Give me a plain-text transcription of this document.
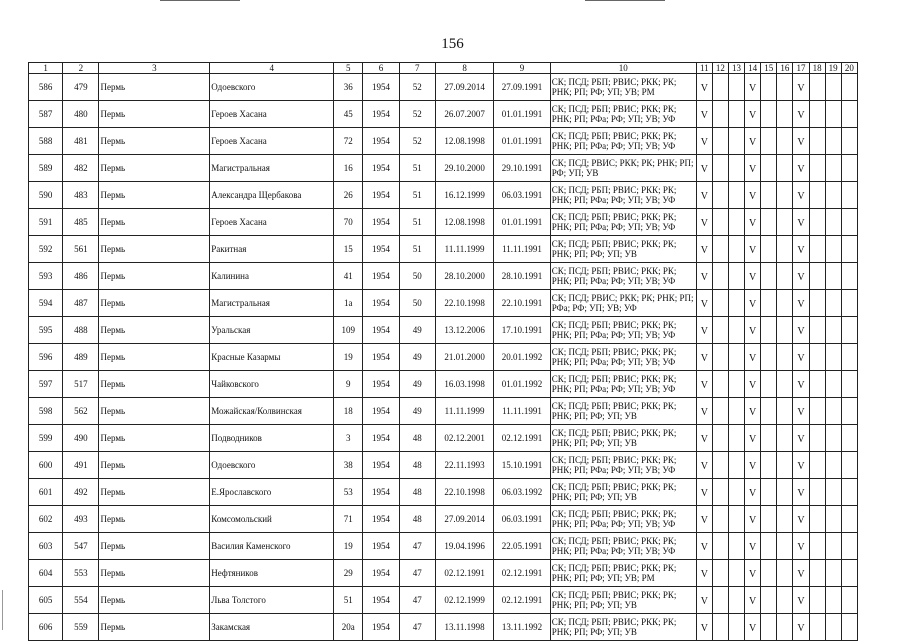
156
1	2	3	4	5	6	7	8	9	10	11	12	13	14	15	16	17	18	19	20
586	479	Пермь	Одоевского	36	1954	52	27.09.2014	27.09.1991	СК; ПСД; РБП; РВИС; РКК; РК; РНК; РП; РФ; УП; УВ; РМ	V			V			V			
587	480	Пермь	Героев Хасана	45	1954	52	26.07.2007	01.01.1991	СК; ПСД; РБП; РВИС; РКК; РК; РНК; РП; РФа; РФ; УП; УВ; УФ	V			V			V			
588	481	Пермь	Героев Хасана	72	1954	52	12.08.1998	01.01.1991	СК; ПСД; РБП; РВИС; РКК; РК; РНК; РП; РФа; РФ; УП; УВ; УФ	V			V			V			
589	482	Пермь	Магистральная	16	1954	51	29.10.2000	29.10.1991	СК; ПСД; РВИС; РКК; РК; РНК; РП; РФ; УП; УВ	V			V			V			
590	483	Пермь	Александра Щербакова	26	1954	51	16.12.1999	06.03.1991	СК; ПСД; РБП; РВИС; РКК; РК; РНК; РП; РФа; РФ; УП; УВ; УФ	V			V			V			
591	485	Пермь	Героев Хасана	70	1954	51	12.08.1998	01.01.1991	СК; ПСД; РБП; РВИС; РКК; РК; РНК; РП; РФа; РФ; УП; УВ; УФ	V			V			V			
592	561	Пермь	Ракитная	15	1954	51	11.11.1999	11.11.1991	СК; ПСД; РБП; РВИС; РКК; РК; РНК; РП; РФ; УП; УВ	V			V			V			
593	486	Пермь	Калинина	41	1954	50	28.10.2000	28.10.1991	СК; ПСД; РБП; РВИС; РКК; РК; РНК; РП; РФа; РФ; УП; УВ; УФ	V			V			V			
594	487	Пермь	Магистральная	1а	1954	50	22.10.1998	22.10.1991	СК; ПСД; РВИС; РКК; РК; РНК; РП; РФа; РФ; УП; УВ; УФ	V			V			V			
595	488	Пермь	Уральская	109	1954	49	13.12.2006	17.10.1991	СК; ПСД; РБП; РВИС; РКК; РК; РНК; РП; РФа; РФ; УП; УВ; УФ	V			V			V			
596	489	Пермь	Красные Казармы	19	1954	49	21.01.2000	20.01.1992	СК; ПСД; РБП; РВИС; РКК; РК; РНК; РП; РФа; РФ; УП; УВ; УФ	V			V			V			
597	517	Пермь	Чайковского	9	1954	49	16.03.1998	01.01.1992	СК; ПСД; РБП; РВИС; РКК; РК; РНК; РП; РФа; РФ; УП; УВ; УФ	V			V			V			
598	562	Пермь	Можайская/Колвинская	18	1954	49	11.11.1999	11.11.1991	СК; ПСД; РБП; РВИС; РКК; РК; РНК; РП; РФ; УП; УВ	V			V			V			
599	490	Пермь	Подводников	3	1954	48	02.12.2001	02.12.1991	СК; ПСД; РБП; РВИС; РКК; РК; РНК; РП; РФ; УП; УВ	V			V			V			
600	491	Пермь	Одоевского	38	1954	48	22.11.1993	15.10.1991	СК; ПСД; РБП; РВИС; РКК; РК; РНК; РП; РФа; РФ; УП; УВ; УФ	V			V			V			
601	492	Пермь	Е.Ярославского	53	1954	48	22.10.1998	06.03.1992	СК; ПСД; РБП; РВИС; РКК; РК; РНК; РП; РФ; УП; УВ	V			V			V			
602	493	Пермь	Комсомольский	71	1954	48	27.09.2014	06.03.1991	СК; ПСД; РБП; РВИС; РКК; РК; РНК; РП; РФа; РФ; УП; УВ; УФ	V			V			V			
603	547	Пермь	Василия Каменского	19	1954	47	19.04.1996	22.05.1991	СК; ПСД; РБП; РВИС; РКК; РК; РНК; РП; РФа; РФ; УП; УВ; УФ	V			V			V			
604	553	Пермь	Нефтяников	29	1954	47	02.12.1991	02.12.1991	СК; ПСД; РБП; РВИС; РКК; РК; РНК; РП; РФ; УП; УВ; РМ	V			V			V			
605	554	Пермь	Льва Толстого	51	1954	47	02.12.1999	02.12.1991	СК; ПСД; РБП; РВИС; РКК; РК; РНК; РП; РФ; УП; УВ	V			V			V			
606	559	Пермь	Закамская	20а	1954	47	13.11.1998	13.11.1992	СК; ПСД; РБП; РВИС; РКК; РК; РНК; РП; РФ; УП; УВ	V			V			V			
